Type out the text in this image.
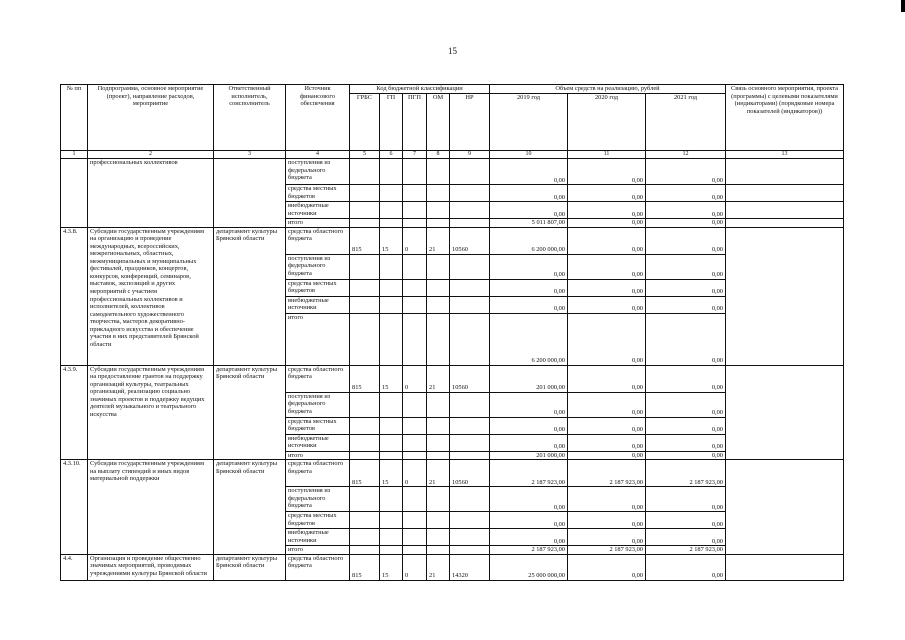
15
№ пп	Подпрограмма, основное мероприятие (проект), направление расходов, мероприятие	Ответственный исполнитель, соисполнитель	Источник финансового обеспечения	Код бюджетной классификации					Объем средств на реализацию, рублей			Связь основного мероприятия, проекта (программы) с целевыми показателями (индикаторами) (порядковые номера показателей (индикаторов))
				ГРБС	ГП	ПГП	ОМ	НР	2019 год	2020 год	2021 год	
1	2	3	4	5	6	7	8	9	10	11	12	13
	профессиональных коллективов		поступления из федерального бюджета						0,00	0,00	0,00	
			средства местных бюджетов						0,00	0,00	0,00	
			внебюджетные источники						0,00	0,00	0,00	
			итого						5 011 807,00	0,00	0,00	
4.3.8.	Субсидии государственным учреждениям на организацию и проведение международных, всероссийских, межрегиональных, областных, межмуниципальных и муниципальных фестивалей, праздников, концертов, конкурсов, конференций, семинаров, выставок, экспозиций и других мероприятий с участием профессиональных коллективов и исполнителей, коллективов самодеятельного художественного творчества, мастеров декоративно-прикладного искусства и обеспечение участия в них представителей Брянской области	департамент культуры Брянской области	средства областного бюджета	815	15	0	21	10560	6 200 000,00	0,00	0,00	
			поступления из федерального бюджета						0,00	0,00	0,00	
			средства местных бюджетов						0,00	0,00	0,00	
			внебюджетные источники						0,00	0,00	0,00	
			итого						6 200 000,00	0,00	0,00	
4.3.9.	Субсидии государственным учреждениям на предоставление грантов на поддержку организаций культуры, театральных организаций, реализацию социально значимых проектов и поддержку ведущих деятелей музыкального и театрального искусства	департамент культуры Брянской области	средства областного бюджета	815	15	0	21	10560	201 000,00	0,00	0,00	
			поступления из федерального бюджета						0,00	0,00	0,00	
			средства местных бюджетов						0,00	0,00	0,00	
			внебюджетные источники						0,00	0,00	0,00	
			итого						201 000,00	0,00	0,00	
4.3.10.	Субсидии государственным учреждениям на выплату стипендий и иных видов материальной поддержки	департамент культуры Брянской области	средства областного бюджета	815	15	0	21	10560	2 187 923,00	2 187 923,00	2 187 923,00	
			поступления из федерального бюджета						0,00	0,00	0,00	
			средства местных бюджетов						0,00	0,00	0,00	
			внебюджетные источники						0,00	0,00	0,00	
			итого						2 187 923,00	2 187 923,00	2 187 923,00	
4.4.	Организация и проведение общественно значимых мероприятий, проводимых учреждениями культуры Брянской области	департамент культуры Брянской области	средства областного бюджета	815	15	0	21	14320	25 000 000,00	0,00	0,00	
